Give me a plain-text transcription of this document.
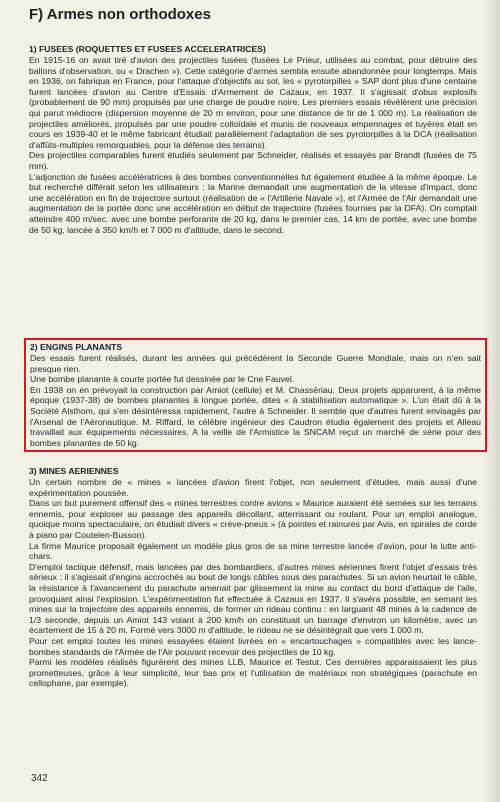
F) Armes non orthodoxes
1) FUSEES (ROQUETTES ET FUSEES ACCELERATRICES)

En 1915-16 on avait tiré d'avion des projectiles fusées (fusées Le Prieur, utilisées au combat, pour détruire des ballons d'observation, ou « Drachen »). Cette catégorie d'armes sembla ensuite abandonnée pour longtemps. Mais en 1936, on fabriqua en France, pour l'attaque d'objectifs au sol, les « pyrotorpilles » SAP dont plus d'une centaine furent lancées d'avion au Centre d'Essais d'Armement de Cazaux, en 1937. Il s'agissait d'obus explosifs (probablement de 90 mm) propulsés par une charge de poudre noire. Les premiers essais révélèrent une précision qui parut médiocre (dispersion moyenne de 20 m environ, pour une distance de tir de 1 000 m). La réalisation de projectiles améliorés, propulsés par une poudre colloïdale et munis de nouveaux empennages et tuyères était en cours en 1939-40 et le même fabricant étudiait parallèlement l'adaptation de ses pyrotorpilles à la DCA (réalisation d'affûts-multiples remorquables, pour la défense des terrains).

Des projectiles comparables furent étudiés seulement par Schneider, réalisés et essayés par Brandt (fusées de 75 mm).

L'adjonction de fusées accélératrices à des bombes conventionnelles fut également étudiée à la même époque. Le but recherché différait selon les utilisateurs : la Marine demandait une augmentation de la vitesse d'impact, donc une accélération en fin de trajectoire surtout (réalisation de « l'Artillerie Navale »), et l'Armée de l'Air demandait une augmentation de la portée donc une accélération en début de trajectoire (fusées fournies par la DFA). On comptait atteindre 400 m/sec. avec une bombe perforante de 20 kg, dans le premier cas, 14 km de portée, avec une bombe de 50 kg, lancée à 350 km/h et 7 000 m d'altitude, dans le second.

2) ENGINS PLANANTS

Des essais furent réalisés, durant les années qui précédèrent la Seconde Guerre Mondiale, mais on n'en sait presque rien.

Une bombe planante à courte portée fut dessinée par le Cne Fauvel.

En 1938 on en prévoyait la construction par Amiot (cellule) et M. Chassériau. Deux projets apparurent, à la même époque (1937-38) de bombes planantes à longue portée, dites « à stabilisation automatique ». L'un était dû à la Société Alsthom, qui s'en désintéressa rapidement, l'autre à Schneider. Il semble que d'autres furent envisagés par l'Arsenal de l'Aéronautique. M. Riffard, le célèbre ingénieur des Caudron étudia également des projets et Alleau travaillait aux équipements nécessaires. A la veille de l'Armistice la SNCAM reçut un marché de série pour des bombes planantes de 50 kg.

3) MINES AERIENNES

Un certain nombre de « mines » lancées d'avion firent l'objet, non seulement d'études, mais aussi d'une expérimentation poussée.

Dans un but purement offensif des « mines terrestres contre avions » Maurice auraient été semées sur les terrains ennemis, pour exploser au passage des appareils décollant, atterrissant ou roulant. Pour un emploi analogue, quoique moins spectaculaire, on étudiait divers « crève-pneus » (à pointes et rainures par Avis, en spirales de corde à piano par Coutelen-Busson).

La firme Maurice proposait également un modèle plus gros de sa mine terrestre lancée d'avion, pour la lutte anti-chars.

D'emploi tactique défensif, mais lancées par des bombardiers, d'autres mines aériennes firent l'objet d'essais très sérieux : il s'agissait d'engins accrochés au bout de longs câbles sous des parachutes. Si un avion heurtait le câble, la résistance à l'avancement du parachute amenait par glissement la mine au contact du bord d'attaque de l'aile, provoquant ainsi l'explosion. L'expérimentation fut effectuée à Cazaux en 1937. Il s'avéra possible, en semant les mines sur la trajectoire des appareils ennemis, de former un rideau continu : en larguant 48 mines à la cadence de 1/3 seconde, depuis un Amiot 143 volant à 200 km/h on constituait un barrage d'environ un kilomètre, avec un écartement de 15 à 20 m. Formé vers 3000 m d'altitude, le rideau ne se désintégrait que vers 1 000 m.

Pour cet emploi toutes les mines essayées étaient livrées en « encartouchages » compatibles avec les lance-bombes standards de l'Armée de l'Air pouvant recevoir des projectiles de 10 kg.

Parmi les modèles réalisés figurèrent des mines LLB, Maurice et Testut. Ces dernières apparaissaient les plus prometteuses, grâce à leur simplicité, leur bas prix et l'utilisation de matériaux non stratégiques (parachute en cellophane, par exemple).

342
